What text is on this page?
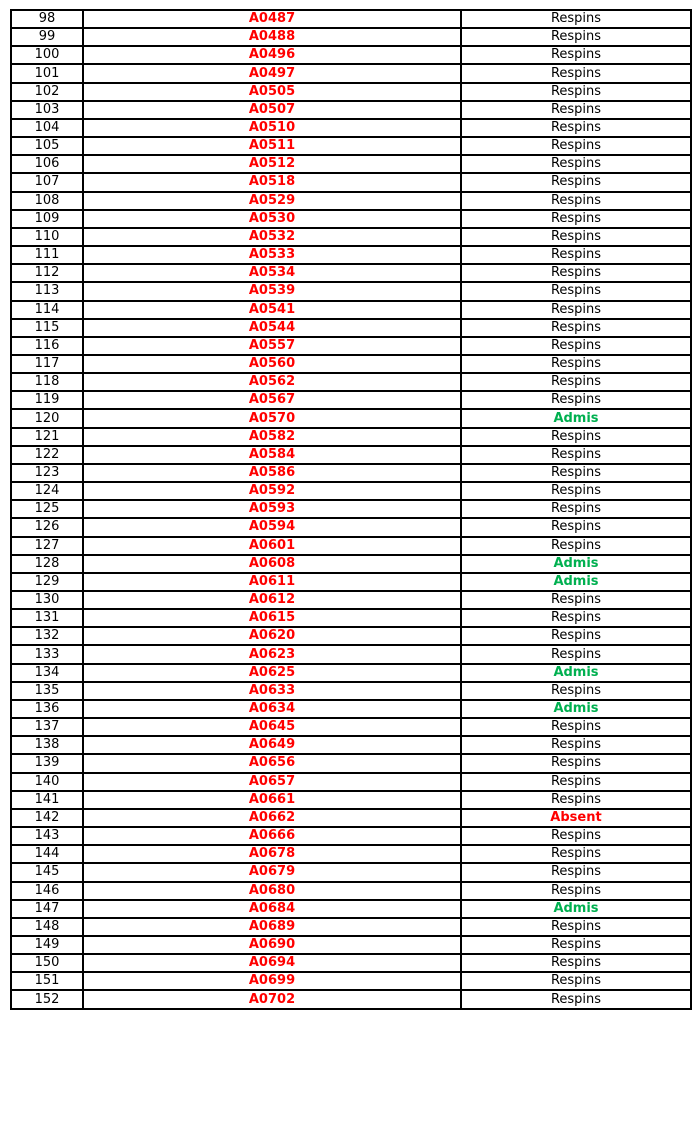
98	A0487	Respins
99	A0488	Respins
100	A0496	Respins
101	A0497	Respins
102	A0505	Respins
103	A0507	Respins
104	A0510	Respins
105	A0511	Respins
106	A0512	Respins
107	A0518	Respins
108	A0529	Respins
109	A0530	Respins
110	A0532	Respins
111	A0533	Respins
112	A0534	Respins
113	A0539	Respins
114	A0541	Respins
115	A0544	Respins
116	A0557	Respins
117	A0560	Respins
118	A0562	Respins
119	A0567	Respins
120	A0570	Admis
121	A0582	Respins
122	A0584	Respins
123	A0586	Respins
124	A0592	Respins
125	A0593	Respins
126	A0594	Respins
127	A0601	Respins
128	A0608	Admis
129	A0611	Admis
130	A0612	Respins
131	A0615	Respins
132	A0620	Respins
133	A0623	Respins
134	A0625	Admis
135	A0633	Respins
136	A0634	Admis
137	A0645	Respins
138	A0649	Respins
139	A0656	Respins
140	A0657	Respins
141	A0661	Respins
142	A0662	Absent
143	A0666	Respins
144	A0678	Respins
145	A0679	Respins
146	A0680	Respins
147	A0684	Admis
148	A0689	Respins
149	A0690	Respins
150	A0694	Respins
151	A0699	Respins
152	A0702	Respins
